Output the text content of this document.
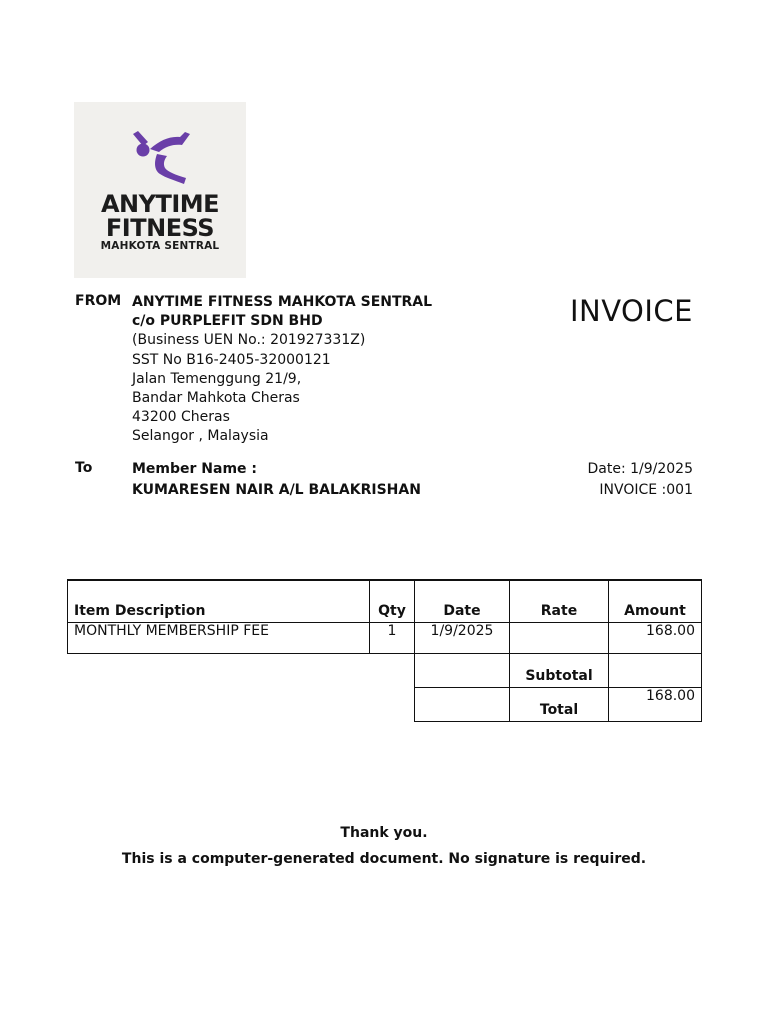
ANYTIME
FITNESS
MAHKOTA SENTRAL
FROM ANYTIME FITNESS MAHKOTA SENTRAL
c/o PURPLEFIT SDN BHD
(Business UEN No.: 201927331Z)
SST No B16-2405-32000121
Jalan Temenggung 21/9,
Bandar Mahkota Cheras
43200 Cheras
Selangor , Malaysia
INVOICE
To	Member Name :
KUMARESEN NAIR A/L BALAKRISHAN
Date: 1/9/2025
INVOICE :001
Item Description	Qty	Date	Rate	Amount
MONTHLY MEMBERSHIP FEE	1	1/9/2025		168.00
			Subtotal	
			Total	168.00
Thank you.
This is a computer-generated document. No signature is required.
